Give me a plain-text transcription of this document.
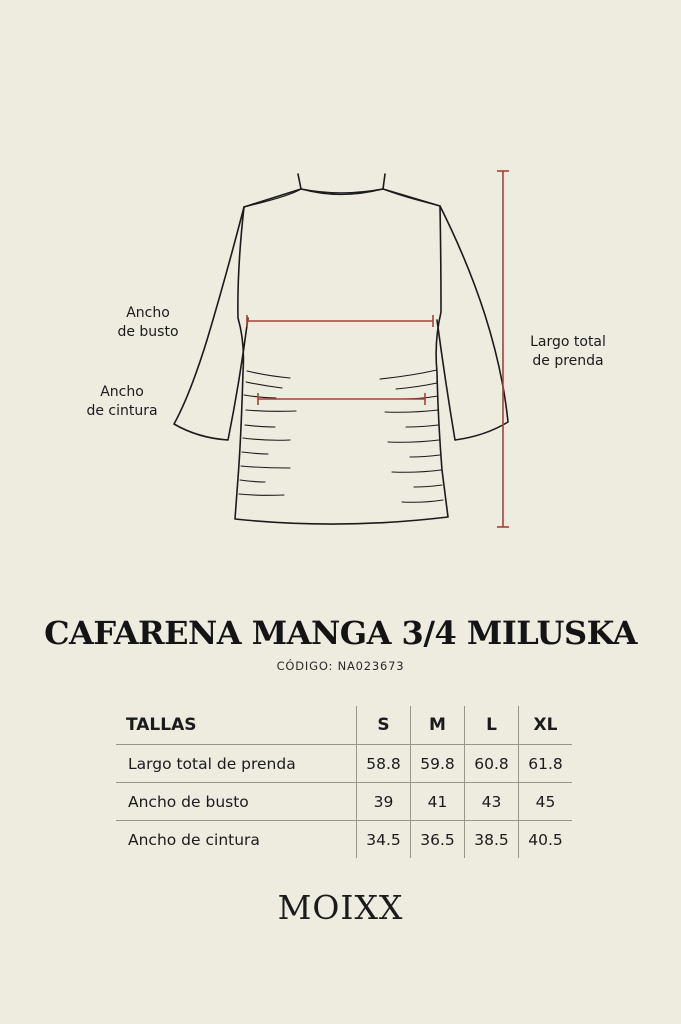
Ancho
de busto
Ancho
de cintura
Largo total
de prenda
CAFARENA MANGA 3/4 MILUSKA
CÓDIGO: NA023673
TALLAS	S	M	L	XL
Largo total de prenda	58.8	59.8	60.8	61.8
Ancho de busto	39	41	43	45
Ancho de cintura	34.5	36.5	38.5	40.5
MOIXX
